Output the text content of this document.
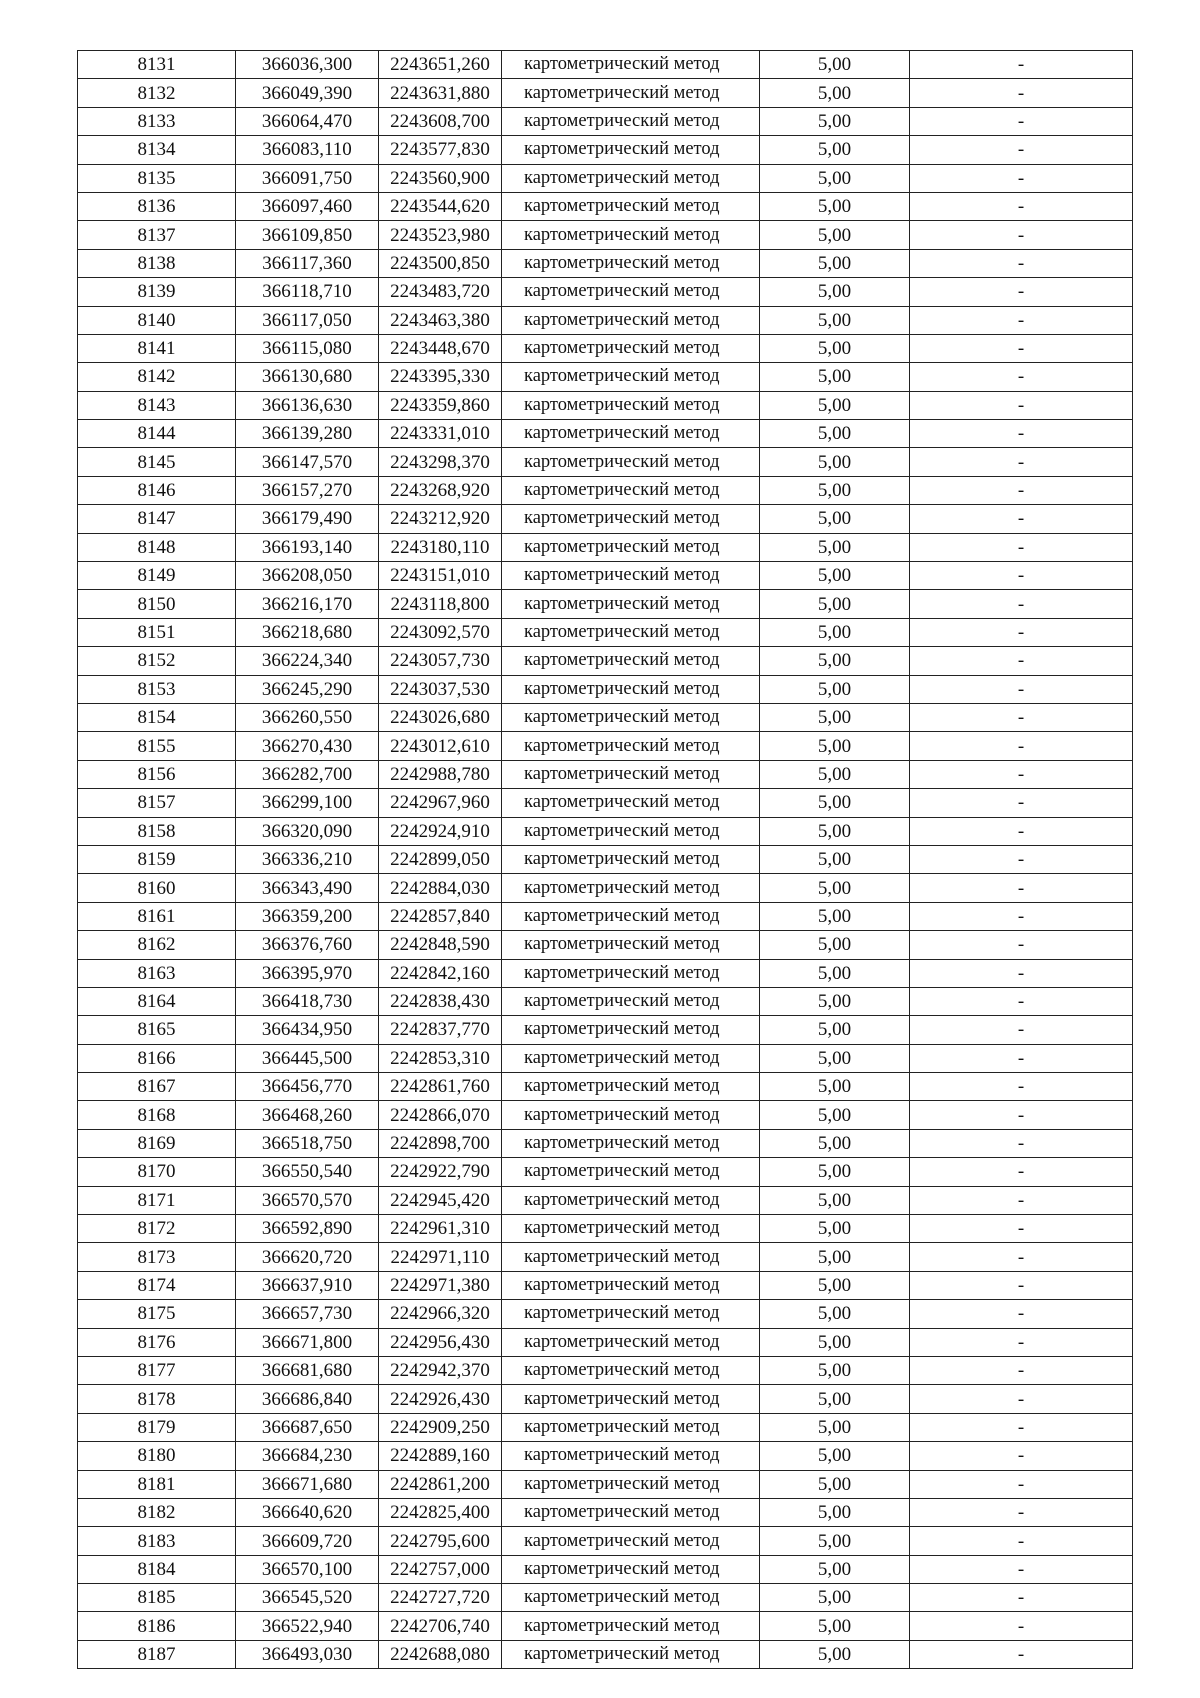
8131	366036,300	2243651,260	картометрический метод	5,00	-
8132	366049,390	2243631,880	картометрический метод	5,00	-
8133	366064,470	2243608,700	картометрический метод	5,00	-
8134	366083,110	2243577,830	картометрический метод	5,00	-
8135	366091,750	2243560,900	картометрический метод	5,00	-
8136	366097,460	2243544,620	картометрический метод	5,00	-
8137	366109,850	2243523,980	картометрический метод	5,00	-
8138	366117,360	2243500,850	картометрический метод	5,00	-
8139	366118,710	2243483,720	картометрический метод	5,00	-
8140	366117,050	2243463,380	картометрический метод	5,00	-
8141	366115,080	2243448,670	картометрический метод	5,00	-
8142	366130,680	2243395,330	картометрический метод	5,00	-
8143	366136,630	2243359,860	картометрический метод	5,00	-
8144	366139,280	2243331,010	картометрический метод	5,00	-
8145	366147,570	2243298,370	картометрический метод	5,00	-
8146	366157,270	2243268,920	картометрический метод	5,00	-
8147	366179,490	2243212,920	картометрический метод	5,00	-
8148	366193,140	2243180,110	картометрический метод	5,00	-
8149	366208,050	2243151,010	картометрический метод	5,00	-
8150	366216,170	2243118,800	картометрический метод	5,00	-
8151	366218,680	2243092,570	картометрический метод	5,00	-
8152	366224,340	2243057,730	картометрический метод	5,00	-
8153	366245,290	2243037,530	картометрический метод	5,00	-
8154	366260,550	2243026,680	картометрический метод	5,00	-
8155	366270,430	2243012,610	картометрический метод	5,00	-
8156	366282,700	2242988,780	картометрический метод	5,00	-
8157	366299,100	2242967,960	картометрический метод	5,00	-
8158	366320,090	2242924,910	картометрический метод	5,00	-
8159	366336,210	2242899,050	картометрический метод	5,00	-
8160	366343,490	2242884,030	картометрический метод	5,00	-
8161	366359,200	2242857,840	картометрический метод	5,00	-
8162	366376,760	2242848,590	картометрический метод	5,00	-
8163	366395,970	2242842,160	картометрический метод	5,00	-
8164	366418,730	2242838,430	картометрический метод	5,00	-
8165	366434,950	2242837,770	картометрический метод	5,00	-
8166	366445,500	2242853,310	картометрический метод	5,00	-
8167	366456,770	2242861,760	картометрический метод	5,00	-
8168	366468,260	2242866,070	картометрический метод	5,00	-
8169	366518,750	2242898,700	картометрический метод	5,00	-
8170	366550,540	2242922,790	картометрический метод	5,00	-
8171	366570,570	2242945,420	картометрический метод	5,00	-
8172	366592,890	2242961,310	картометрический метод	5,00	-
8173	366620,720	2242971,110	картометрический метод	5,00	-
8174	366637,910	2242971,380	картометрический метод	5,00	-
8175	366657,730	2242966,320	картометрический метод	5,00	-
8176	366671,800	2242956,430	картометрический метод	5,00	-
8177	366681,680	2242942,370	картометрический метод	5,00	-
8178	366686,840	2242926,430	картометрический метод	5,00	-
8179	366687,650	2242909,250	картометрический метод	5,00	-
8180	366684,230	2242889,160	картометрический метод	5,00	-
8181	366671,680	2242861,200	картометрический метод	5,00	-
8182	366640,620	2242825,400	картометрический метод	5,00	-
8183	366609,720	2242795,600	картометрический метод	5,00	-
8184	366570,100	2242757,000	картометрический метод	5,00	-
8185	366545,520	2242727,720	картометрический метод	5,00	-
8186	366522,940	2242706,740	картометрический метод	5,00	-
8187	366493,030	2242688,080	картометрический метод	5,00	-
